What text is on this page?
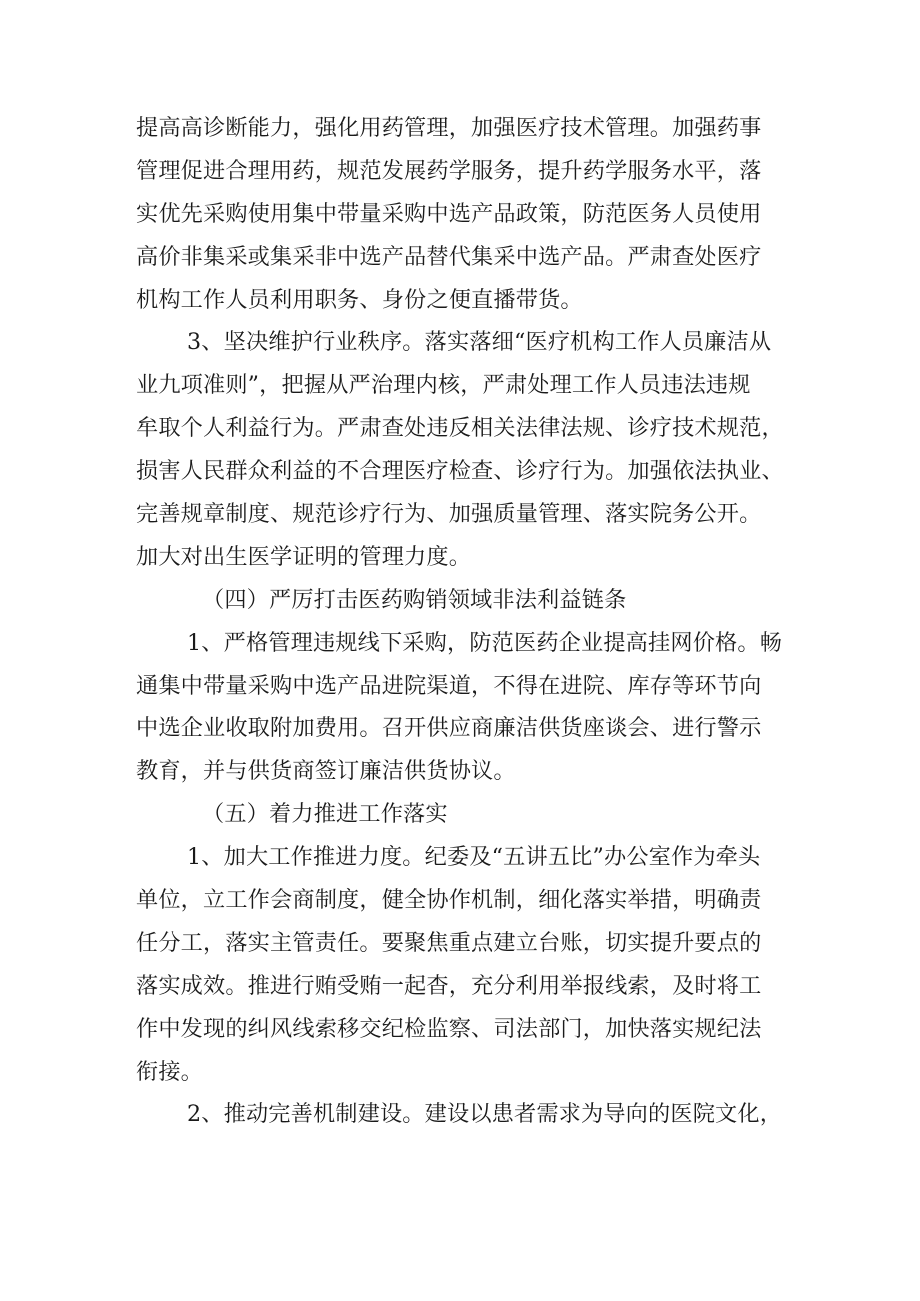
提高高诊断能力，强化用药管理，加强医疗技术管理。加强药事
管理促进合理用药，规范发展药学服务，提升药学服务水平，落
实优先采购使用集中带量采购中选产品政策，防范医务人员使用
高价非集采或集采非中选产品替代集采中选产品。严肃查处医疗
机构工作人员利用职务、身份之便直播带货。
3、坚决维护行业秩序。落实落细“医疗机构工作人员廉洁从
业九项准则”，把握从严治理内核，严肃处理工作人员违法违规
牟取个人利益行为。严肃查处违反相关法律法规、诊疗技术规范，
损害人民群众利益的不合理医疗检查、诊疗行为。加强依法执业、
完善规章制度、规范诊疗行为、加强质量管理、落实院务公开。
加大对出生医学证明的管理力度。
（四）严厉打击医药购销领域非法利益链条
1、严格管理违规线下采购，防范医药企业提高挂网价格。畅
通集中带量采购中选产品进院渠道，不得在进院、库存等环节向
中选企业收取附加费用。召开供应商廉洁供货座谈会、进行警示
教育，并与供货商签订廉洁供货协议。
（五）着力推进工作落实
1、加大工作推进力度。纪委及“五讲五比”办公室作为牵头
单位，立工作会商制度，健全协作机制，细化落实举措，明确责
任分工，落实主管责任。要聚焦重点建立台账，切实提升要点的
落实成效。推进行贿受贿一起杳，充分利用举报线索，及时将工
作中发现的纠风线索移交纪检监察、司法部门，加快落实规纪法
衔接。
2、推动完善机制建设。建设以患者需求为导向的医院文化，
